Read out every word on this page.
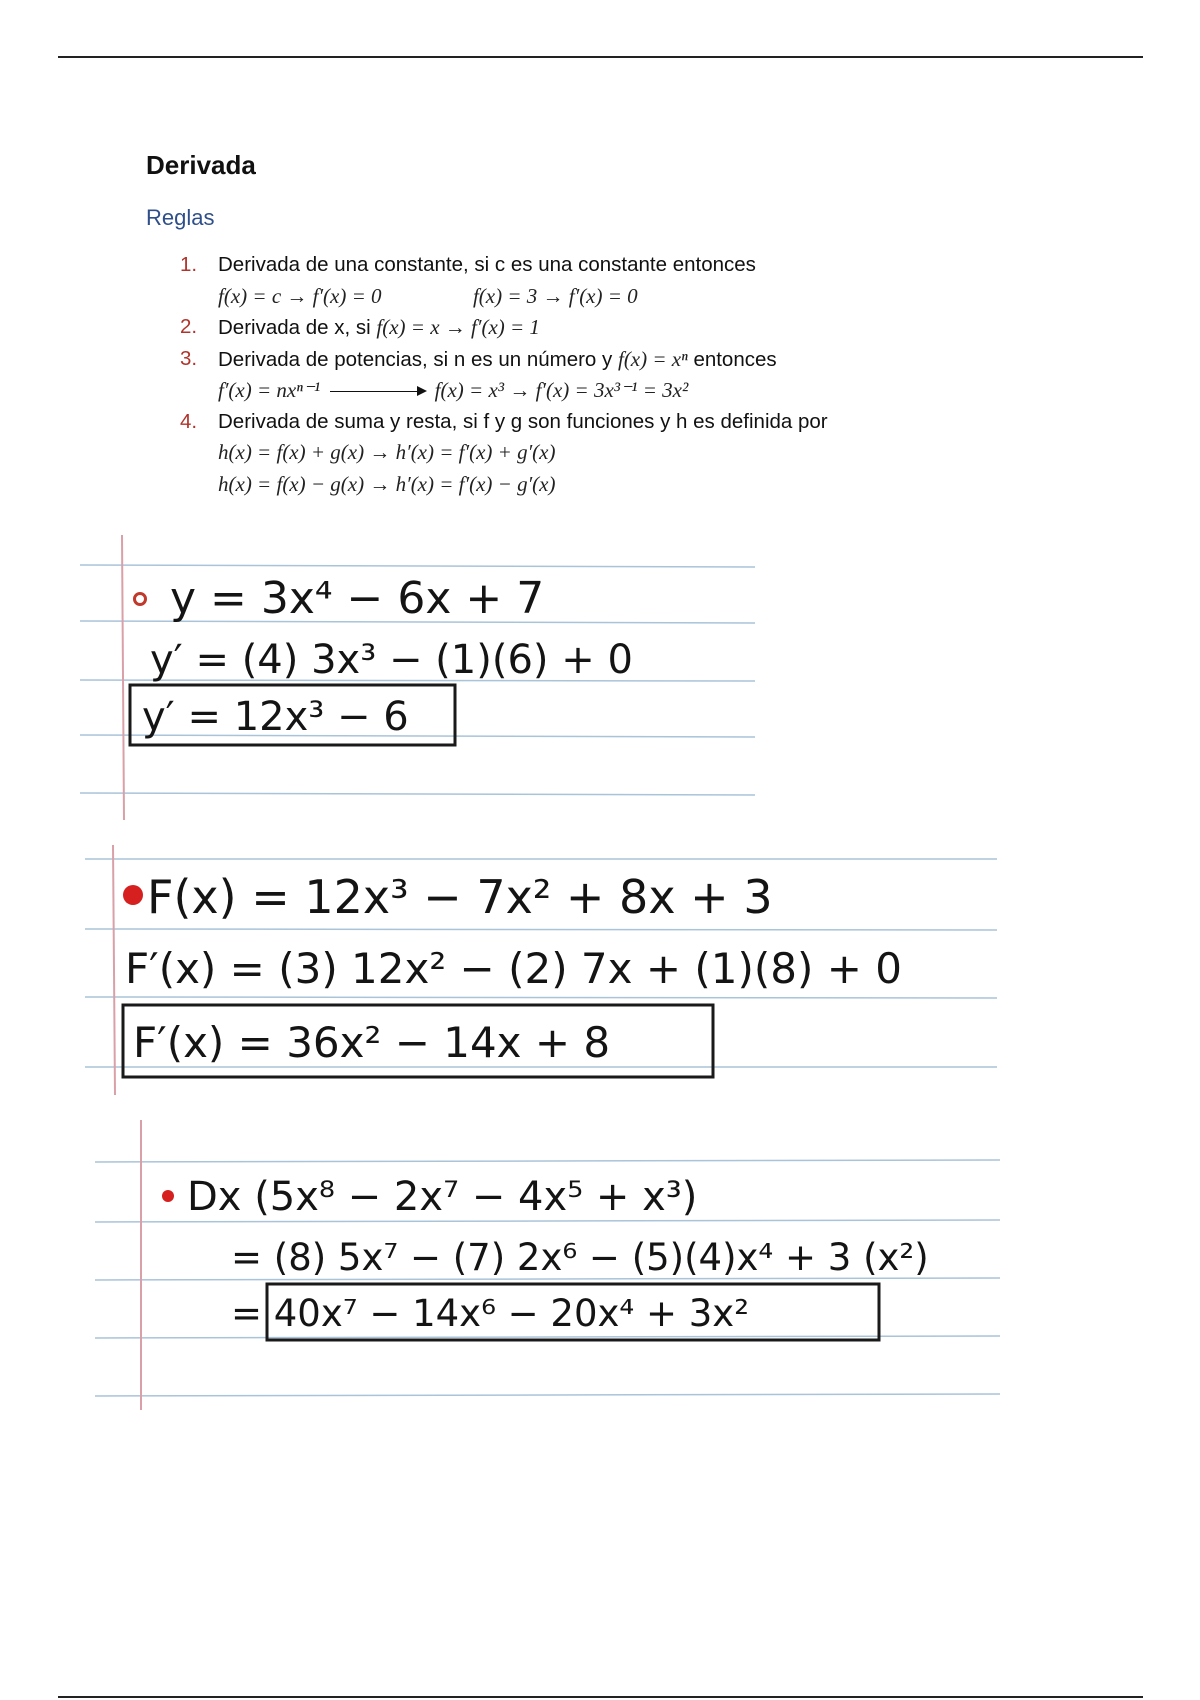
Derivada
Reglas
1. Derivada de una constante, si c es una constante entonces
f(x) = c → f′(x) = 0	f(x) = 3 → f′(x) = 0
2. Derivada de x, si f(x) = x → f′(x) = 1
3. Derivada de potencias, si n es un número y f(x) = xⁿ entonces
f′(x) = nxⁿ⁻¹	f(x) = x³ → f′(x) = 3x³⁻¹ = 3x²
4. Derivada de suma y resta, si f y g son funciones y h es definida por
h(x) = f(x) + g(x) → h′(x) = f′(x) + g′(x)
h(x) = f(x) − g(x) → h′(x) = f′(x) − g′(x)
y = 3x⁴ − 6x + 7
y′ = (4) 3x³ − (1)(6) + 0
y′ = 12x³ − 6
F(x) = 12x³ − 7x² + 8x + 3
F′(x) = (3) 12x² − (2) 7x + (1)(8) + 0
F′(x) = 36x² − 14x + 8
Dx (5x⁸ − 2x⁷ − 4x⁵ + x³)
= (8) 5x⁷ − (7) 2x⁶ − (5)(4)x⁴ + 3 (x²)
= 40x⁷ − 14x⁶ − 20x⁴ + 3x²
